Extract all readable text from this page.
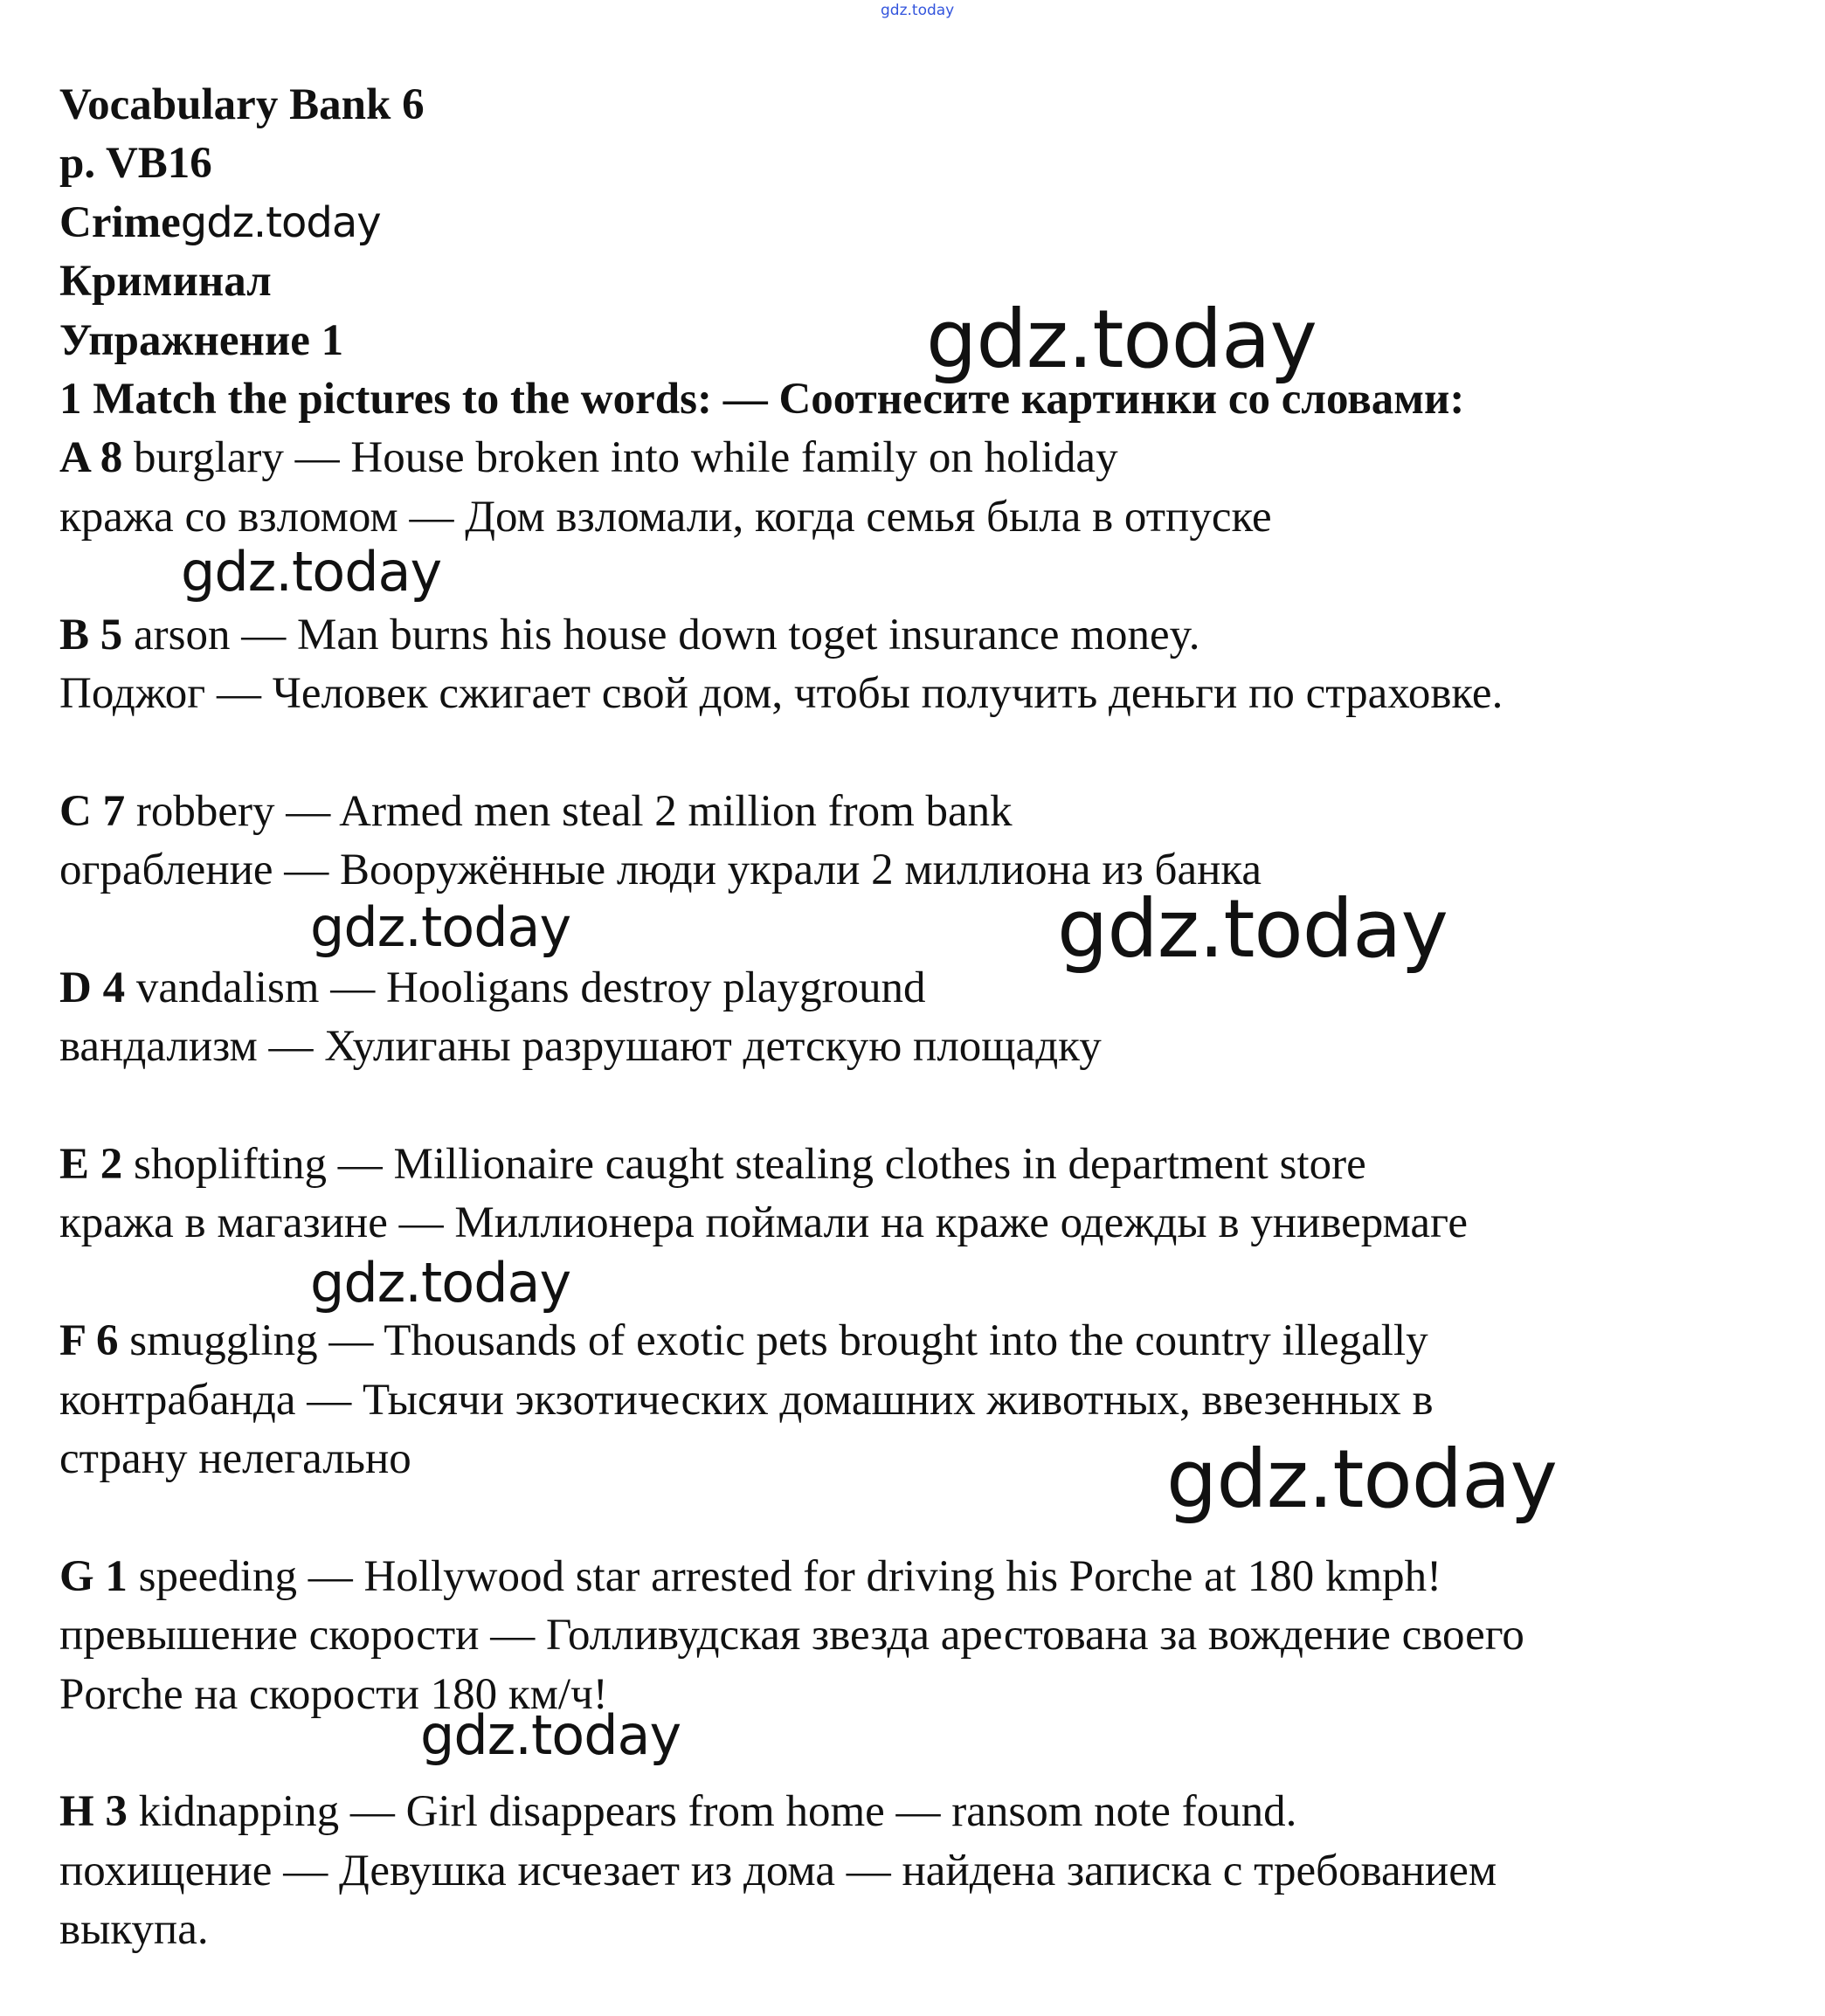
gdz.today
Vocabulary Bank 6
p. VB16
Crimegdz.today
Криминал
Упражнение 1
1 Match the pictures to the words: — Соотнесите картинки со словами:
A 8 burglary — House broken into while family on holiday
кража со взломом — Дом взломали, когда семья была в отпуске
B 5 arson — Man burns his house down toget insurance money.
Поджог — Человек сжигает свой дом, чтобы получить деньги по страховке.
C 7 robbery — Armed men steal 2 million from bank
ограбление — Вооружённые люди украли 2 миллиона из банка
D 4 vandalism — Hooligans destroy playground
вандализм — Хулиганы разрушают детскую площадку
E 2 shoplifting — Millionaire caught stealing clothes in department store
кража в магазине — Миллионера поймали на краже одежды в универмаге
F 6 smuggling — Thousands of exotic pets brought into the country illegally
контрабанда — Тысячи экзотических домашних животных, ввезенных в
страну нелегально
G 1 speeding — Hollywood star arrested for driving his Porche at 180 kmph!
превышение скорости — Голливудская звезда арестована за вождение своего
Porche на скорости 180 км/ч!
H 3 kidnapping — Girl disappears from home — ransom note found.
похищение — Девушка исчезает из дома — найдена записка с требованием
выкупа.
gdz.today
gdz.today
gdz.today	gdz.today
gdz.today
gdz.today
gdz.today
